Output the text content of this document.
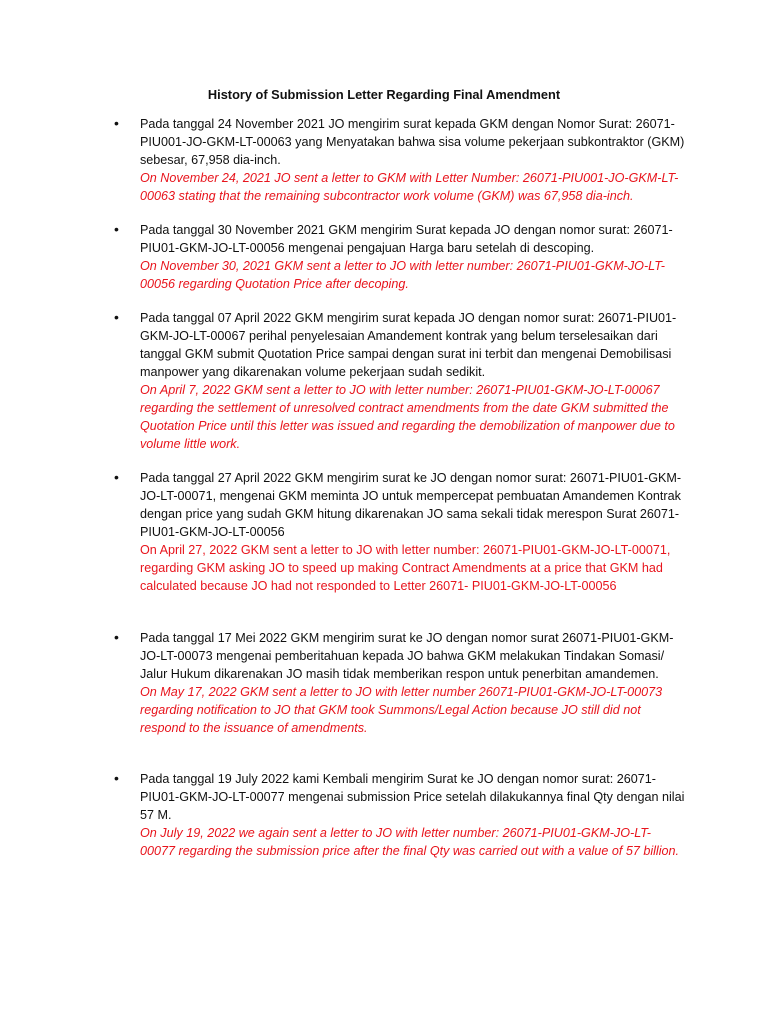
History of Submission Letter Regarding Final Amendment
• Pada tanggal 24 November 2021 JO mengirim surat kepada GKM dengan Nomor Surat: 26071-PIU001-JO-GKM-LT-00063 yang Menyatakan bahwa sisa volume pekerjaan subkontraktor (GKM) sebesar, 67,958 dia-inch.

On November 24, 2021 JO sent a letter to GKM with Letter Number: 26071-PIU001-JO-GKM-LT-00063 stating that the remaining subcontractor work volume (GKM) was 67,958 dia-inch.

• Pada tanggal 30 November 2021 GKM mengirim Surat kepada JO dengan nomor surat: 26071-PIU01-GKM-JO-LT-00056 mengenai pengajuan Harga baru setelah di descoping.

On November 30, 2021 GKM sent a letter to JO with letter number: 26071-PIU01-GKM-JO-LT-00056 regarding Quotation Price after decoping.

• Pada tanggal 07 April 2022 GKM mengirim surat kepada JO dengan nomor surat: 26071-PIU01-GKM-JO-LT-00067 perihal penyelesaian Amandement kontrak yang belum terselesaikan dari tanggal GKM submit Quotation Price sampai dengan surat ini terbit dan mengenai Demobilisasi manpower yang dikarenakan volume pekerjaan sudah sedikit.

On April 7, 2022 GKM sent a letter to JO with letter number: 26071-PIU01-GKM-JO-LT-00067 regarding the settlement of unresolved contract amendments from the date GKM submitted the Quotation Price until this letter was issued and regarding the demobilization of manpower due to volume little work.

• Pada tanggal 27 April 2022 GKM mengirim surat ke JO dengan nomor surat: 26071-PIU01-GKM-JO-LT-00071, mengenai GKM meminta JO untuk mempercepat pembuatan Amandemen Kontrak dengan price yang sudah GKM hitung dikarenakan JO sama sekali tidak merespon Surat 26071-PIU01-GKM-JO-LT-00056

On April 27, 2022 GKM sent a letter to JO with letter number: 26071-PIU01-GKM-JO-LT-00071, regarding GKM asking JO to speed up making Contract Amendments at a price that GKM had calculated because JO had not responded to Letter 26071- PIU01-GKM-JO-LT-00056

• Pada tanggal 17 Mei 2022 GKM mengirim surat ke JO dengan nomor surat 26071-PIU01-GKM-JO-LT-00073 mengenai pemberitahuan kepada JO bahwa GKM melakukan Tindakan Somasi/ Jalur Hukum dikarenakan JO masih tidak memberikan respon untuk penerbitan amandemen.

On May 17, 2022 GKM sent a letter to JO with letter number 26071-PIU01-GKM-JO-LT-00073 regarding notification to JO that GKM took Summons/Legal Action because JO still did not respond to the issuance of amendments.

• Pada tanggal 19 July 2022 kami Kembali mengirim Surat ke JO dengan nomor surat: 26071-PIU01-GKM-JO-LT-00077 mengenai submission Price setelah dilakukannya final Qty dengan nilai 57 M.

On July 19, 2022 we again sent a letter to JO with letter number: 26071-PIU01-GKM-JO-LT-00077 regarding the submission price after the final Qty was carried out with a value of 57 billion.
